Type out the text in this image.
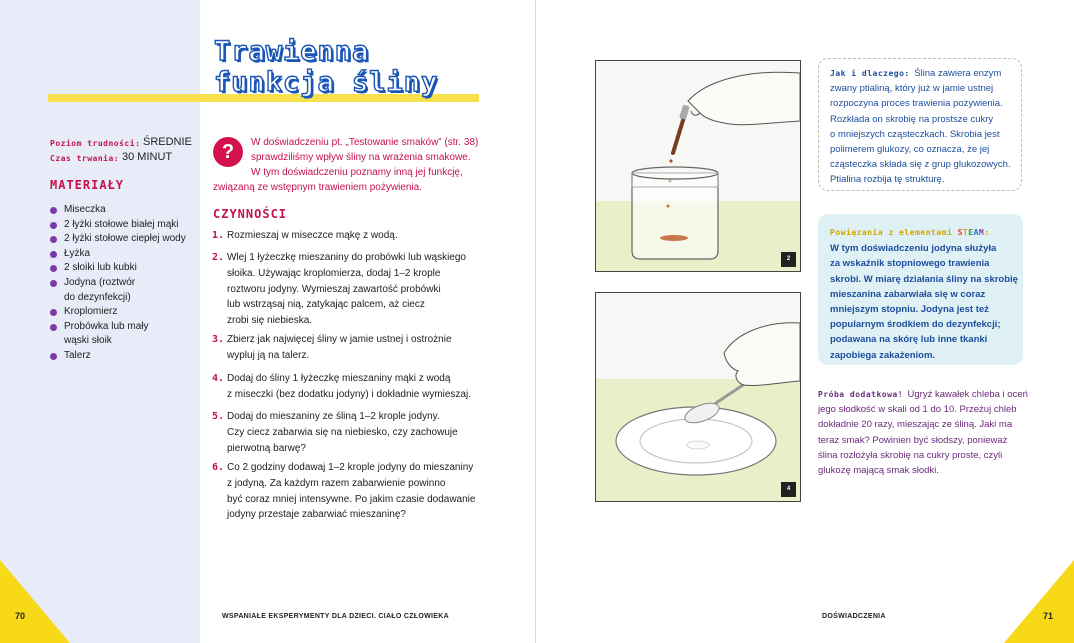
Trawienna
funkcja śliny
Poziom trudności: ŚREDNIE
Czas trwania: 30 MINUT
MATERIAŁY
Miseczka
2 łyżki stołowe białej mąki
2 łyżki stołowe ciepłej wody
Łyżka
2 słoiki lub kubki
Jodyna (roztwór
do dezynfekcji)
Kroplomierz
Probówka lub mały
wąski słoik
Talerz
?	W doświadczeniu pt. „Testowanie smaków” (str. 38)
sprawdziliśmy wpływ śliny na wrażenia smakowe.
W tym doświadczeniu poznamy inną jej funkcję,
związaną ze wstępnym trawieniem pożywienia.
CZYNNOŚCI
1. Rozmieszaj w miseczce mąkę z wodą.
2. Wlej 1 łyżeczkę mieszaniny do probówki lub wąskiego
słoika. Używając kroplomierza, dodaj 1–2 krople
roztworu jodyny. Wymieszaj zawartość probówki
lub wstrząsaj nią, zatykając palcem, aż ciecz
zrobi się niebieska.
3. Zbierz jak najwięcej śliny w jamie ustnej i ostrożnie
wypluj ją na talerz.
4. Dodaj do śliny 1 łyżeczkę mieszaniny mąki z wodą
z miseczki (bez dodatku jodyny) i dokładnie wymieszaj.
5. Dodaj do mieszaniny ze śliną 1–2 krople jodyny.
Czy ciecz zabarwia się na niebiesko, czy zachowuje
pierwotną barwę?
6. Co 2 godziny dodawaj 1–2 krople jodyny do mieszaniny
z jodyną. Za każdym razem zabarwienie powinno
być coraz mniej intensywne. Po jakim czasie dodawanie
jodyny przestaje zabarwiać mieszaninę?
2
4
Jak i dlaczego: Ślina zawiera enzym
zwany ptialiną, który już w jamie ustnej
rozpoczyna proces trawienia pożywienia.
Rozkłada on skrobię na prostsze cukry
o mniejszych cząsteczkach. Skrobia jest
polimerem glukozy, co oznacza, że jej
cząsteczka składa się z grup glukozowych.
Ptialina rozbija tę strukturę.
Powiązania z elementami STEAM:
W tym doświadczeniu jodyna służyła
za wskaźnik stopniowego trawienia
skrobi. W miarę działania śliny na skrobię
mieszanina zabarwiała się w coraz
mniejszym stopniu. Jodyna jest też
popularnym środkiem do dezynfekcji;
podawana na skórę lub inne tkanki
zapobiega zakażeniom.
Próba dodatkowa! Ugryź kawałek chleba i oceń
jego słodkość w skali od 1 do 10. Przeżuj chleb
dokładnie 20 razy, mieszając ze śliną. Jaki ma
teraz smak? Powinien być słodszy, ponieważ
ślina rozłożyła skrobię na cukry proste, czyli
glukozę mającą smak słodki.
70	WSPANIAŁE EKSPERYMENTY DLA DZIECI. CIAŁO CZŁOWIEKA	DOŚWIADCZENIA	71
